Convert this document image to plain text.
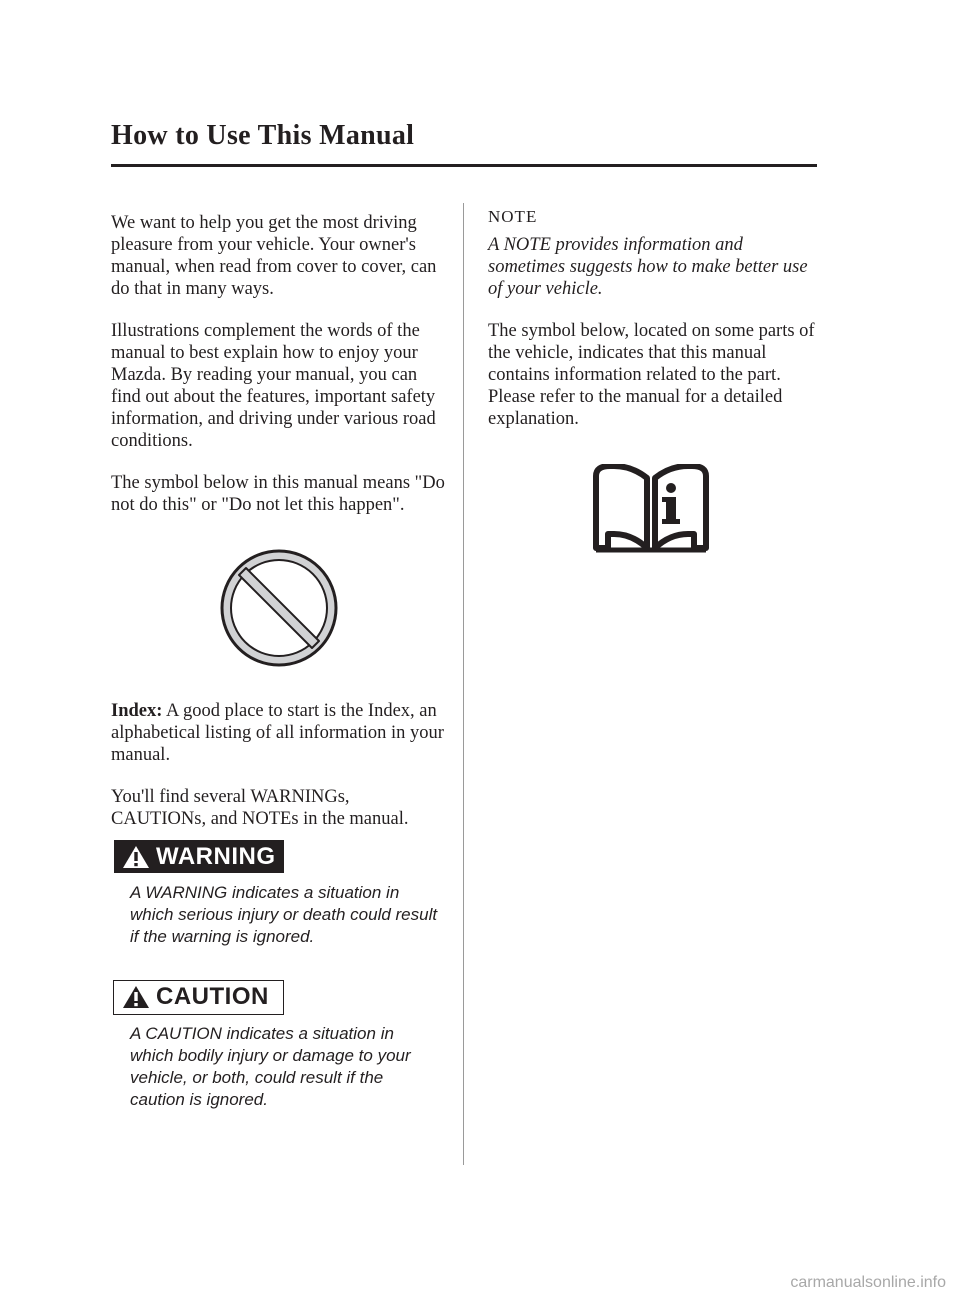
How to Use This Manual

We want to help you get the most driving pleasure from your vehicle. Your owner's manual, when read from cover to cover, can do that in many ways.

Illustrations complement the words of the manual to best explain how to enjoy your Mazda. By reading your manual, you can find out about the features, important safety information, and driving under various road conditions.

The symbol below in this manual means "Do not do this" or "Do not let this happen".

Index: A good place to start is the Index, an alphabetical listing of all information in your manual.

You'll find several WARNINGs, CAUTIONs, and NOTEs in the manual.

WARNING

A WARNING indicates a situation in which serious injury or death could result if the warning is ignored.

CAUTION

A CAUTION indicates a situation in which bodily injury or damage to your vehicle, or both, could result if the caution is ignored.

NOTE

A NOTE provides information and sometimes suggests how to make better use of your vehicle.

The symbol below, located on some parts of the vehicle, indicates that this manual contains information related to the part. Please refer to the manual for a detailed explanation.

carmanualsonline.info
